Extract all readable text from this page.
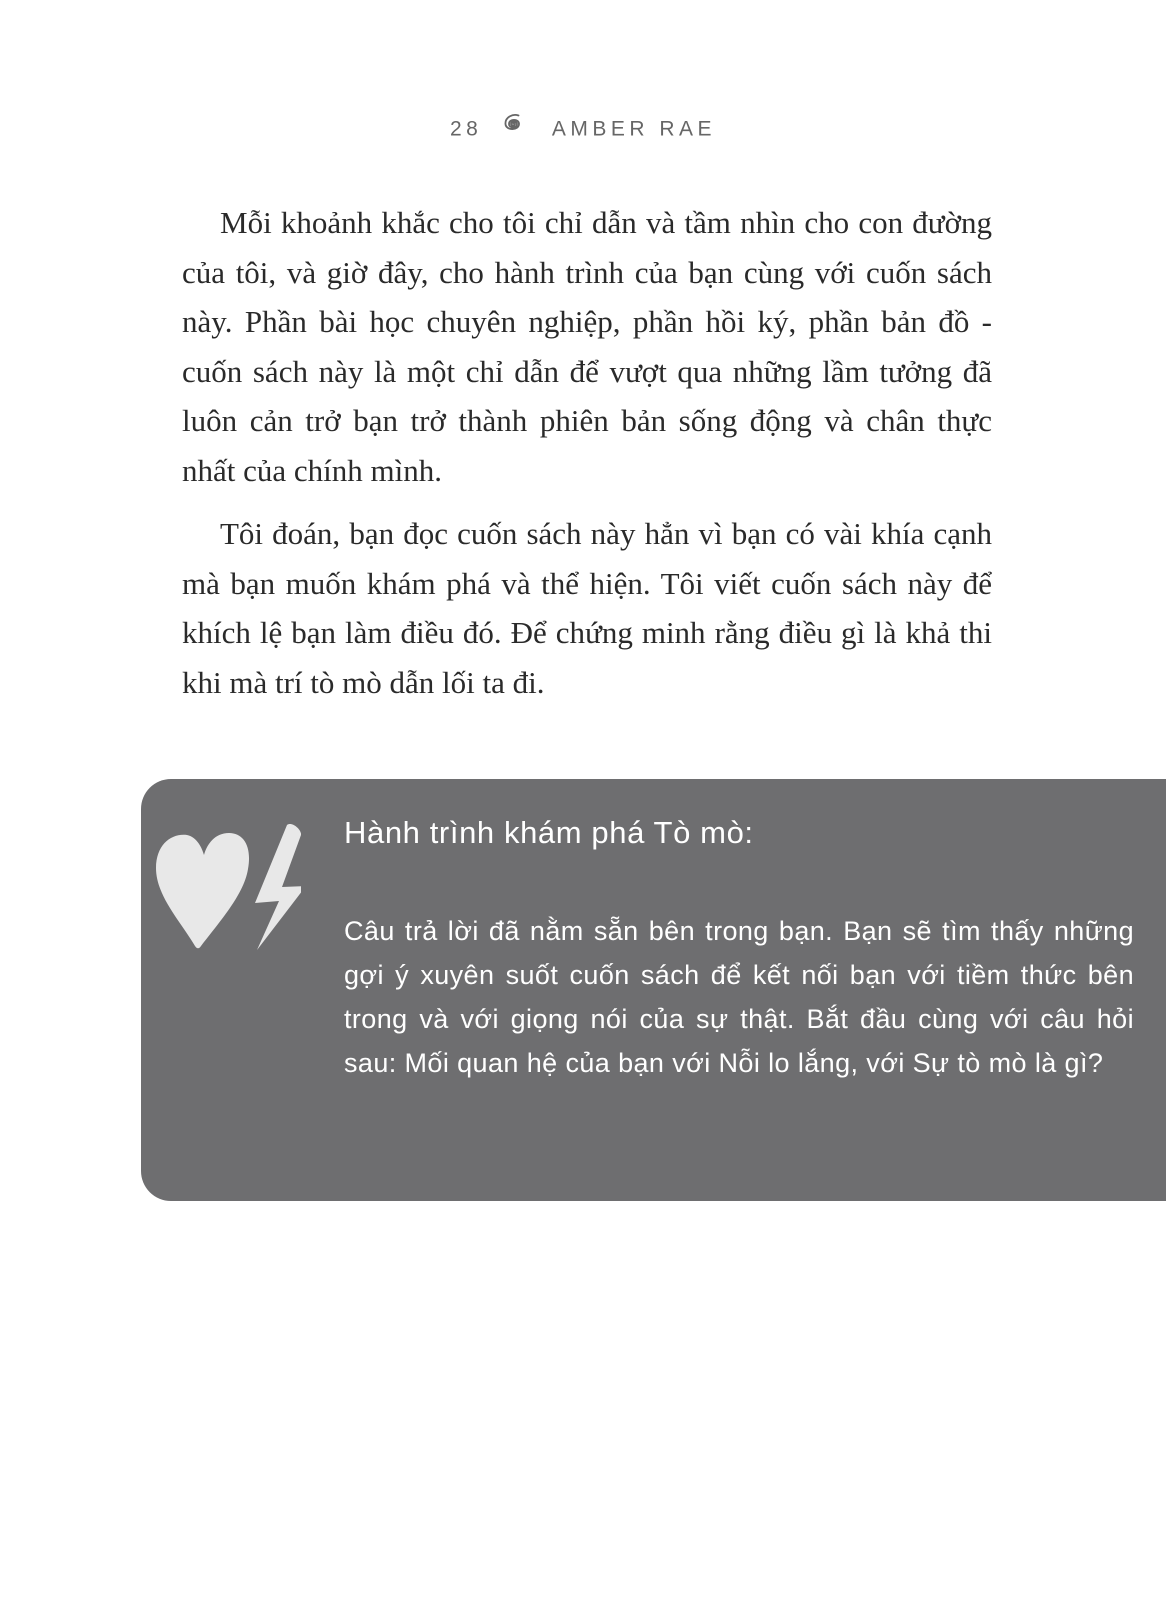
28	AMBER RAE

Mỗi khoảnh khắc cho tôi chỉ dẫn và tầm nhìn cho con đường của tôi, và giờ đây, cho hành trình của bạn cùng với cuốn sách này. Phần bài học chuyên nghiệp, phần hồi ký, phần bản đồ - cuốn sách này là một chỉ dẫn để vượt qua những lầm tưởng đã luôn cản trở bạn trở thành phiên bản sống động và chân thực nhất của chính mình.

Tôi đoán, bạn đọc cuốn sách này hẳn vì bạn có vài khía cạnh mà bạn muốn khám phá và thể hiện. Tôi viết cuốn sách này để khích lệ bạn làm điều đó. Để chứng minh rằng điều gì là khả thi khi mà trí tò mò dẫn lối ta đi.

Hành trình khám phá Tò mò:

Câu trả lời đã nằm sẵn bên trong bạn. Bạn sẽ tìm thấy những gợi ý xuyên suốt cuốn sách để kết nối bạn với tiềm thức bên trong và với giọng nói của sự thật. Bắt đầu cùng với câu hỏi sau: Mối quan hệ của bạn với Nỗi lo lắng, với Sự tò mò là gì?
